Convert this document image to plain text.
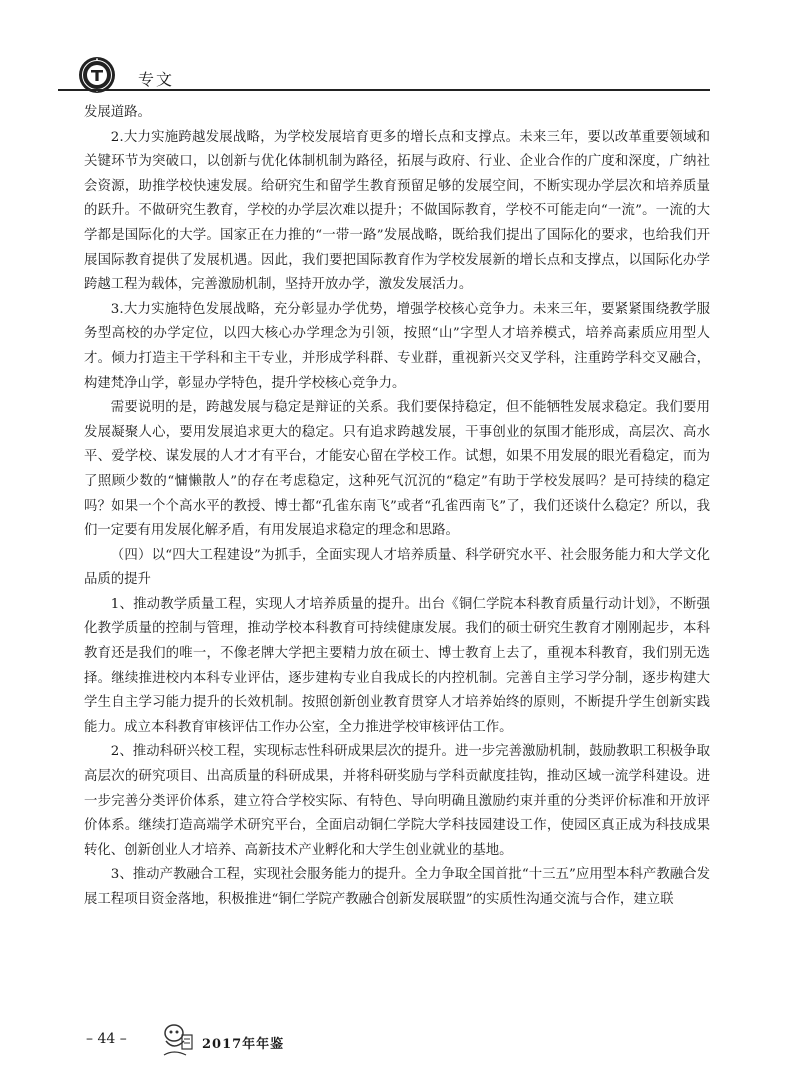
专文

发展道路。

2.大力实施跨越发展战略，为学校发展培育更多的增长点和支撑点。未来三年，要以改革重要领域和关键环节为突破口，以创新与优化体制机制为路径，拓展与政府、行业、企业合作的广度和深度，广纳社会资源，助推学校快速发展。给研究生和留学生教育预留足够的发展空间，不断实现办学层次和培养质量的跃升。不做研究生教育，学校的办学层次难以提升；不做国际教育，学校不可能走向“一流”。一流的大学都是国际化的大学。国家正在力推的“一带一路”发展战略，既给我们提出了国际化的要求，也给我们开展国际教育提供了发展机遇。因此，我们要把国际教育作为学校发展新的增长点和支撑点，以国际化办学跨越工程为载体，完善激励机制，坚持开放办学，激发发展活力。

3.大力实施特色发展战略，充分彰显办学优势，增强学校核心竞争力。未来三年，要紧紧围绕教学服务型高校的办学定位，以四大核心办学理念为引领，按照“山”字型人才培养模式，培养高素质应用型人才。倾力打造主干学科和主干专业，并形成学科群、专业群，重视新兴交叉学科，注重跨学科交叉融合，构建梵净山学，彰显办学特色，提升学校核心竞争力。

需要说明的是，跨越发展与稳定是辩证的关系。我们要保持稳定，但不能牺牲发展求稳定。我们要用发展凝聚人心，要用发展追求更大的稳定。只有追求跨越发展，干事创业的氛围才能形成，高层次、高水平、爱学校、谋发展的人才才有平台，才能安心留在学校工作。试想，如果不用发展的眼光看稳定，而为了照顾少数的“慵懒散人”的存在考虑稳定，这种死气沉沉的“稳定”有助于学校发展吗？是可持续的稳定吗？如果一个个高水平的教授、博士都“孔雀东南飞”或者“孔雀西南飞”了，我们还谈什么稳定？所以，我们一定要有用发展化解矛盾，有用发展追求稳定的理念和思路。

（四）以“四大工程建设”为抓手，全面实现人才培养质量、科学研究水平、社会服务能力和大学文化品质的提升

1、推动教学质量工程，实现人才培养质量的提升。出台《铜仁学院本科教育质量行动计划》，不断强化教学质量的控制与管理，推动学校本科教育可持续健康发展。我们的硕士研究生教育才刚刚起步，本科教育还是我们的唯一，不像老牌大学把主要精力放在硕士、博士教育上去了，重视本科教育，我们别无选择。继续推进校内本科专业评估，逐步建构专业自我成长的内控机制。完善自主学习学分制，逐步构建大学生自主学习能力提升的长效机制。按照创新创业教育贯穿人才培养始终的原则，不断提升学生创新实践能力。成立本科教育审核评估工作办公室，全力推进学校审核评估工作。

2、推动科研兴校工程，实现标志性科研成果层次的提升。进一步完善激励机制，鼓励教职工积极争取高层次的研究项目、出高质量的科研成果，并将科研奖励与学科贡献度挂钩，推动区域一流学科建设。进一步完善分类评价体系，建立符合学校实际、有特色、导向明确且激励约束并重的分类评价标准和开放评价体系。继续打造高端学术研究平台，全面启动铜仁学院大学科技园建设工作，使园区真正成为科技成果转化、创新创业人才培养、高新技术产业孵化和大学生创业就业的基地。

3、推动产教融合工程，实现社会服务能力的提升。全力争取全国首批“十三五”应用型本科产教融合发展工程项目资金落地，积极推进“铜仁学院产教融合创新发展联盟”的实质性沟通交流与合作，建立联

– 44 –	2017年年鉴
